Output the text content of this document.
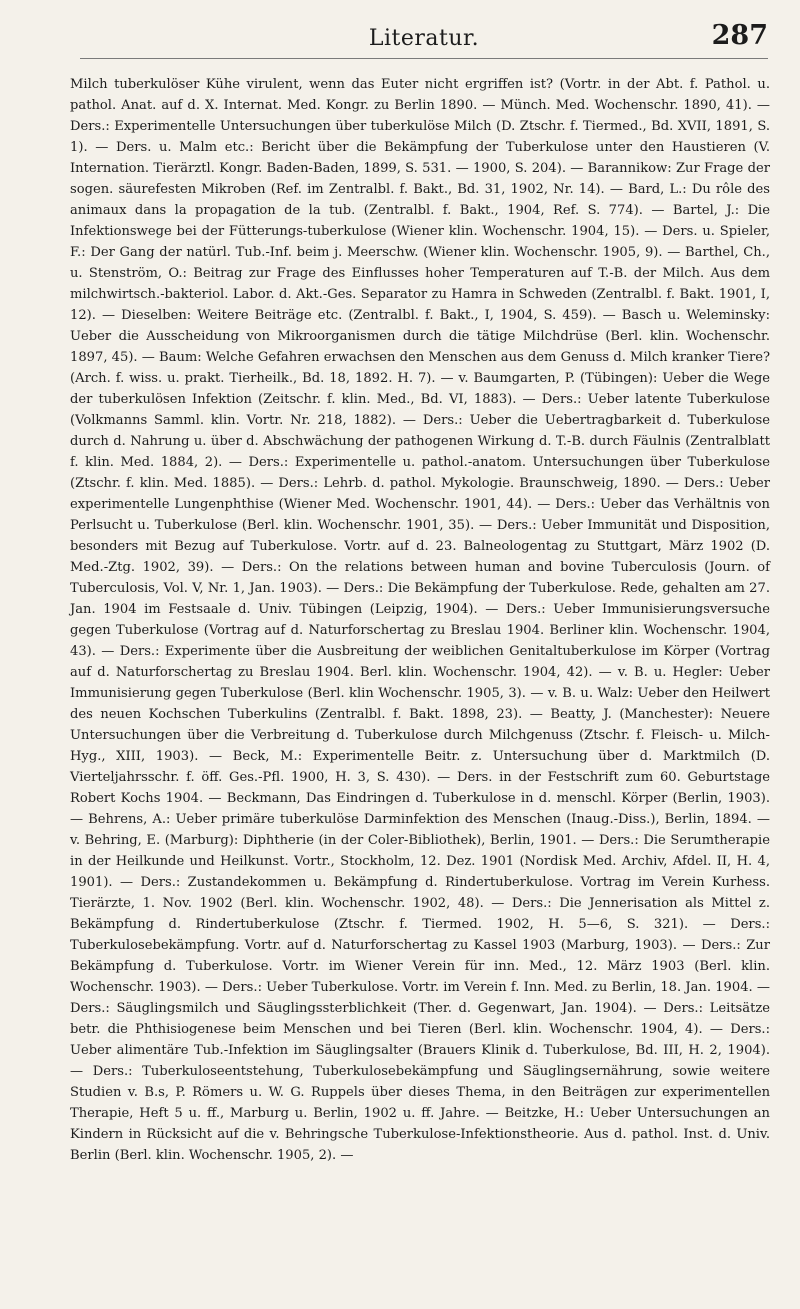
Literatur.	287

Milch tuberkulöser Kühe virulent, wenn das Euter nicht ergriffen ist? (Vortr. in der Abt. f. Pathol. u. pathol. Anat. auf d. X. Internat. Med. Kongr. zu Berlin 1890. — Münch. Med. Wochenschr. 1890, 41). — Ders.: Experimentelle Untersuchungen über tuberkulöse Milch (D. Ztschr. f. Tiermed., Bd. XVII, 1891, S. 1). — Ders. u. Malm etc.: Bericht über die Bekämpfung der Tuberkulose unter den Haustieren (V. Internation. Tierärztl. Kongr. Baden-Baden, 1899, S. 531. — 1900, S. 204). — Barannikow: Zur Frage der sogen. säurefesten Mikroben (Ref. im Zentralbl. f. Bakt., Bd. 31, 1902, Nr. 14). — Bard, L.: Du rôle des animaux dans la propagation de la tub. (Zentralbl. f. Bakt., 1904, Ref. S. 774). — Bartel, J.: Die Infektionswege bei der Fütterungs-tuberkulose (Wiener klin. Wochenschr. 1904, 15). — Ders. u. Spieler, F.: Der Gang der natürl. Tub.-Inf. beim j. Meerschw. (Wiener klin. Wochenschr. 1905, 9). — Barthel, Ch., u. Stenström, O.: Beitrag zur Frage des Einflusses hoher Temperaturen auf T.-B. der Milch. Aus dem milchwirtsch.-bakteriol. Labor. d. Akt.-Ges. Separator zu Hamra in Schweden (Zentralbl. f. Bakt. 1901, I, 12). — Dieselben: Weitere Beiträge etc. (Zentralbl. f. Bakt., I, 1904, S. 459). — Basch u. Weleminsky: Ueber die Ausscheidung von Mikroorganismen durch die tätige Milchdrüse (Berl. klin. Wochenschr. 1897, 45). — Baum: Welche Gefahren erwachsen den Menschen aus dem Genuss d. Milch kranker Tiere? (Arch. f. wiss. u. prakt. Tierheilk., Bd. 18, 1892. H. 7). — v. Baumgarten, P. (Tübingen): Ueber die Wege der tuberkulösen Infektion (Zeitschr. f. klin. Med., Bd. VI, 1883). — Ders.: Ueber latente Tuberkulose (Volkmanns Samml. klin. Vortr. Nr. 218, 1882). — Ders.: Ueber die Uebertragbarkeit d. Tuberkulose durch d. Nahrung u. über d. Abschwächung der pathogenen Wirkung d. T.-B. durch Fäulnis (Zentralblatt f. klin. Med. 1884, 2). — Ders.: Experimentelle u. pathol.-anatom. Untersuchungen über Tuberkulose (Ztschr. f. klin. Med. 1885). — Ders.: Lehrb. d. pathol. Mykologie. Braunschweig, 1890. — Ders.: Ueber experimentelle Lungenphthise (Wiener Med. Wochenschr. 1901, 44). — Ders.: Ueber das Verhältnis von Perlsucht u. Tuberkulose (Berl. klin. Wochenschr. 1901, 35). — Ders.: Ueber Immunität und Disposition, besonders mit Bezug auf Tuberkulose. Vortr. auf d. 23. Balneologentag zu Stuttgart, März 1902 (D. Med.-Ztg. 1902, 39). — Ders.: On the relations between human and bovine Tuberculosis (Journ. of Tuberculosis, Vol. V, Nr. 1, Jan. 1903). — Ders.: Die Bekämpfung der Tuberkulose. Rede, gehalten am 27. Jan. 1904 im Festsaale d. Univ. Tübingen (Leipzig, 1904). — Ders.: Ueber Immunisierungsversuche gegen Tuberkulose (Vortrag auf d. Naturforschertag zu Breslau 1904. Berliner klin. Wochenschr. 1904, 43). — Ders.: Experimente über die Ausbreitung der weiblichen Genitaltuberkulose im Körper (Vortrag auf d. Naturforschertag zu Breslau 1904. Berl. klin. Wochenschr. 1904, 42). — v. B. u. Hegler: Ueber Immunisierung gegen Tuberkulose (Berl. klin Wochenschr. 1905, 3). — v. B. u. Walz: Ueber den Heilwert des neuen Kochschen Tuberkulins (Zentralbl. f. Bakt. 1898, 23). — Beatty, J. (Manchester): Neuere Untersuchungen über die Verbreitung d. Tuberkulose durch Milchgenuss (Ztschr. f. Fleisch- u. Milch-Hyg., XIII, 1903). — Beck, M.: Experimentelle Beitr. z. Untersuchung über d. Marktmilch (D. Vierteljahrsschr. f. öff. Ges.-Pfl. 1900, H. 3, S. 430). — Ders. in der Festschrift zum 60. Geburtstage Robert Kochs 1904. — Beckmann, Das Eindringen d. Tuberkulose in d. menschl. Körper (Berlin, 1903). — Behrens, A.: Ueber primäre tuberkulöse Darminfektion des Menschen (Inaug.-Diss.), Berlin, 1894. — v. Behring, E. (Marburg): Diphtherie (in der Coler-Bibliothek), Berlin, 1901. — Ders.: Die Serumtherapie in der Heilkunde und Heilkunst. Vortr., Stockholm, 12. Dez. 1901 (Nordisk Med. Archiv, Afdel. II, H. 4, 1901). — Ders.: Zustandekommen u. Bekämpfung d. Rindertuberkulose. Vortrag im Verein Kurhess. Tierärzte, 1. Nov. 1902 (Berl. klin. Wochenschr. 1902, 48). — Ders.: Die Jennerisation als Mittel z. Bekämpfung d. Rindertuberkulose (Ztschr. f. Tiermed. 1902, H. 5—6, S. 321). — Ders.: Tuberkulosebekämpfung. Vortr. auf d. Naturforschertag zu Kassel 1903 (Marburg, 1903). — Ders.: Zur Bekämpfung d. Tuberkulose. Vortr. im Wiener Verein für inn. Med., 12. März 1903 (Berl. klin. Wochenschr. 1903). — Ders.: Ueber Tuberkulose. Vortr. im Verein f. Inn. Med. zu Berlin, 18. Jan. 1904. — Ders.: Säuglingsmilch und Säuglingssterblichkeit (Ther. d. Gegenwart, Jan. 1904). — Ders.: Leitsätze betr. die Phthisiogenese beim Menschen und bei Tieren (Berl. klin. Wochenschr. 1904, 4). — Ders.: Ueber alimentäre Tub.-Infektion im Säuglingsalter (Brauers Klinik d. Tuberkulose, Bd. III, H. 2, 1904). — Ders.: Tuberkuloseentstehung, Tuberkulosebekämpfung und Säuglingsernährung, sowie weitere Studien v. B.s, P. Römers u. W. G. Ruppels über dieses Thema, in den Beiträgen zur experimentellen Therapie, Heft 5 u. ff., Marburg u. Berlin, 1902 u. ff. Jahre. — Beitzke, H.: Ueber Untersuchungen an Kindern in Rücksicht auf die v. Behringsche Tuberkulose-Infektionstheorie. Aus d. pathol. Inst. d. Univ. Berlin (Berl. klin. Wochenschr. 1905, 2). —
